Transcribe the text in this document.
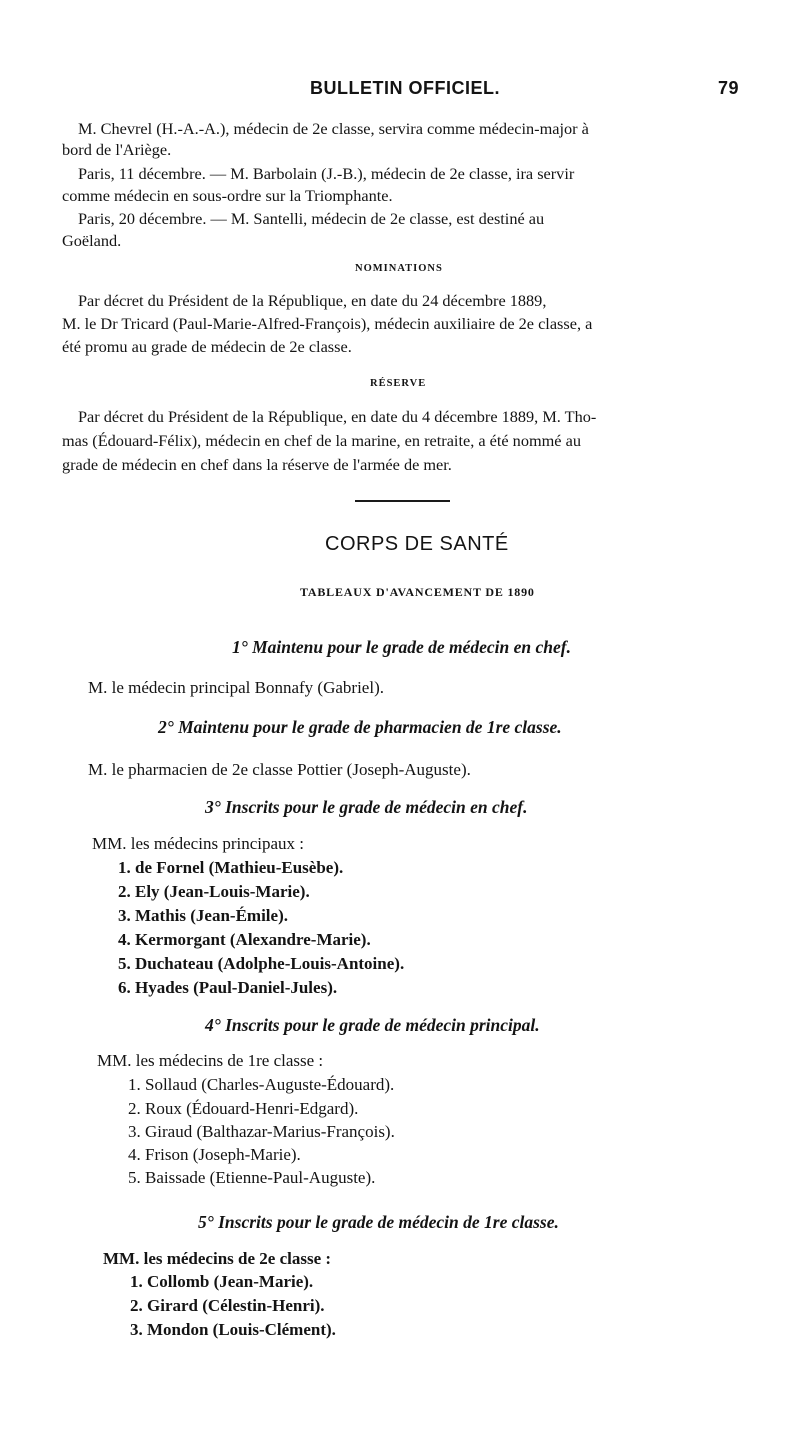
BULLETIN OFFICIEL.	79
M. Chevrel (H.-A.-A.), médecin de 2e classe, servira comme médecin-major à
bord de l'Ariège.
Paris, 11 décembre. — M. Barbolain (J.-B.), médecin de 2e classe, ira servir
comme médecin en sous-ordre sur la Triomphante.
Paris, 20 décembre. — M. Santelli, médecin de 2e classe, est destiné au
Goëland.
NOMINATIONS
Par décret du Président de la République, en date du 24 décembre 1889,
M. le Dr Tricard (Paul-Marie-Alfred-François), médecin auxiliaire de 2e classe, a
été promu au grade de médecin de 2e classe.
RÉSERVE
Par décret du Président de la République, en date du 4 décembre 1889, M. Tho-
mas (Édouard-Félix), médecin en chef de la marine, en retraite, a été nommé au
grade de médecin en chef dans la réserve de l'armée de mer.
CORPS DE SANTÉ
TABLEAUX D'AVANCEMENT DE 1890
1° Maintenu pour le grade de médecin en chef.
M. le médecin principal Bonnafy (Gabriel).
2° Maintenu pour le grade de pharmacien de 1re classe.
M. le pharmacien de 2e classe Pottier (Joseph-Auguste).
3° Inscrits pour le grade de médecin en chef.
MM. les médecins principaux :
1. de Fornel (Mathieu-Eusèbe).
2. Ely (Jean-Louis-Marie).
3. Mathis (Jean-Émile).
4. Kermorgant (Alexandre-Marie).
5. Duchateau (Adolphe-Louis-Antoine).
6. Hyades (Paul-Daniel-Jules).
4° Inscrits pour le grade de médecin principal.
MM. les médecins de 1re classe :
1. Sollaud (Charles-Auguste-Édouard).
2. Roux (Édouard-Henri-Edgard).
3. Giraud (Balthazar-Marius-François).
4. Frison (Joseph-Marie).
5. Baissade (Etienne-Paul-Auguste).
5° Inscrits pour le grade de médecin de 1re classe.
MM. les médecins de 2e classe :
1. Collomb (Jean-Marie).
2. Girard (Célestin-Henri).
3. Mondon (Louis-Clément).
